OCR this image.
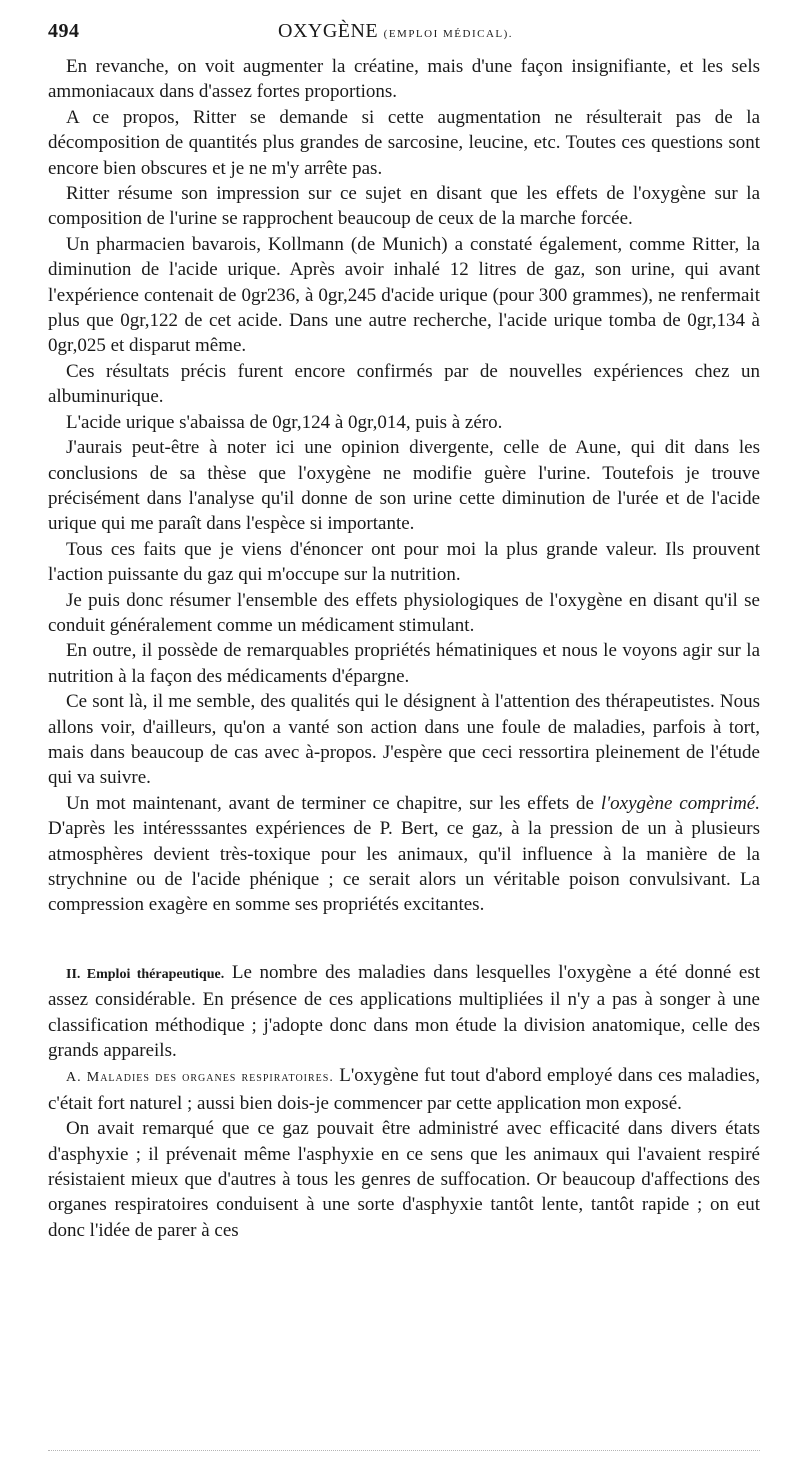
494	OXYGÈNE (EMPLOI MÉDICAL).

En revanche, on voit augmenter la créatine, mais d'une façon insignifiante, et les sels ammoniacaux dans d'assez fortes proportions.

A ce propos, Ritter se demande si cette augmentation ne résulterait pas de la décomposition de quantités plus grandes de sarcosine, leucine, etc. Toutes ces questions sont encore bien obscures et je ne m'y arrête pas.

Ritter résume son impression sur ce sujet en disant que les effets de l'oxygène sur la composition de l'urine se rapprochent beaucoup de ceux de la marche forcée.

Un pharmacien bavarois, Kollmann (de Munich) a constaté également, comme Ritter, la diminution de l'acide urique. Après avoir inhalé 12 litres de gaz, son urine, qui avant l'expérience contenait de 0gr236, à 0gr,245 d'acide urique (pour 300 grammes), ne renfermait plus que 0gr,122 de cet acide. Dans une autre recherche, l'acide urique tomba de 0gr,134 à 0gr,025 et disparut même.

Ces résultats précis furent encore confirmés par de nouvelles expériences chez un albuminurique.

L'acide urique s'abaissa de 0gr,124 à 0gr,014, puis à zéro.

J'aurais peut-être à noter ici une opinion divergente, celle de Aune, qui dit dans les conclusions de sa thèse que l'oxygène ne modifie guère l'urine. Toutefois je trouve précisément dans l'analyse qu'il donne de son urine cette diminution de l'urée et de l'acide urique qui me paraît dans l'espèce si importante.

Tous ces faits que je viens d'énoncer ont pour moi la plus grande valeur. Ils prouvent l'action puissante du gaz qui m'occupe sur la nutrition.

Je puis donc résumer l'ensemble des effets physiologiques de l'oxygène en disant qu'il se conduit généralement comme un médicament stimulant.

En outre, il possède de remarquables propriétés hématiniques et nous le voyons agir sur la nutrition à la façon des médicaments d'épargne.

Ce sont là, il me semble, des qualités qui le désignent à l'attention des thérapeutistes. Nous allons voir, d'ailleurs, qu'on a vanté son action dans une foule de maladies, parfois à tort, mais dans beaucoup de cas avec à-propos. J'espère que ceci ressortira pleinement de l'étude qui va suivre.

Un mot maintenant, avant de terminer ce chapitre, sur les effets de l'oxygène comprimé. D'après les intéresssantes expériences de P. Bert, ce gaz, à la pression de un à plusieurs atmosphères devient très-toxique pour les animaux, qu'il influence à la manière de la strychnine ou de l'acide phénique ; ce serait alors un véritable poison convulsivant. La compression exagère en somme ses propriétés excitantes.

II. Emploi thérapeutique. Le nombre des maladies dans lesquelles l'oxygène a été donné est assez considérable. En présence de ces applications multipliées il n'y a pas à songer à une classification méthodique ; j'adopte donc dans mon étude la division anatomique, celle des grands appareils.

A. Maladies des organes respiratoires. L'oxygène fut tout d'abord employé dans ces maladies, c'était fort naturel ; aussi bien dois-je commencer par cette application mon exposé.

On avait remarqué que ce gaz pouvait être administré avec efficacité dans divers états d'asphyxie ; il prévenait même l'asphyxie en ce sens que les animaux qui l'avaient respiré résistaient mieux que d'autres à tous les genres de suffocation. Or beaucoup d'affections des organes respiratoires conduisent à une sorte d'asphyxie tantôt lente, tantôt rapide ; on eut donc l'idée de parer à ces
